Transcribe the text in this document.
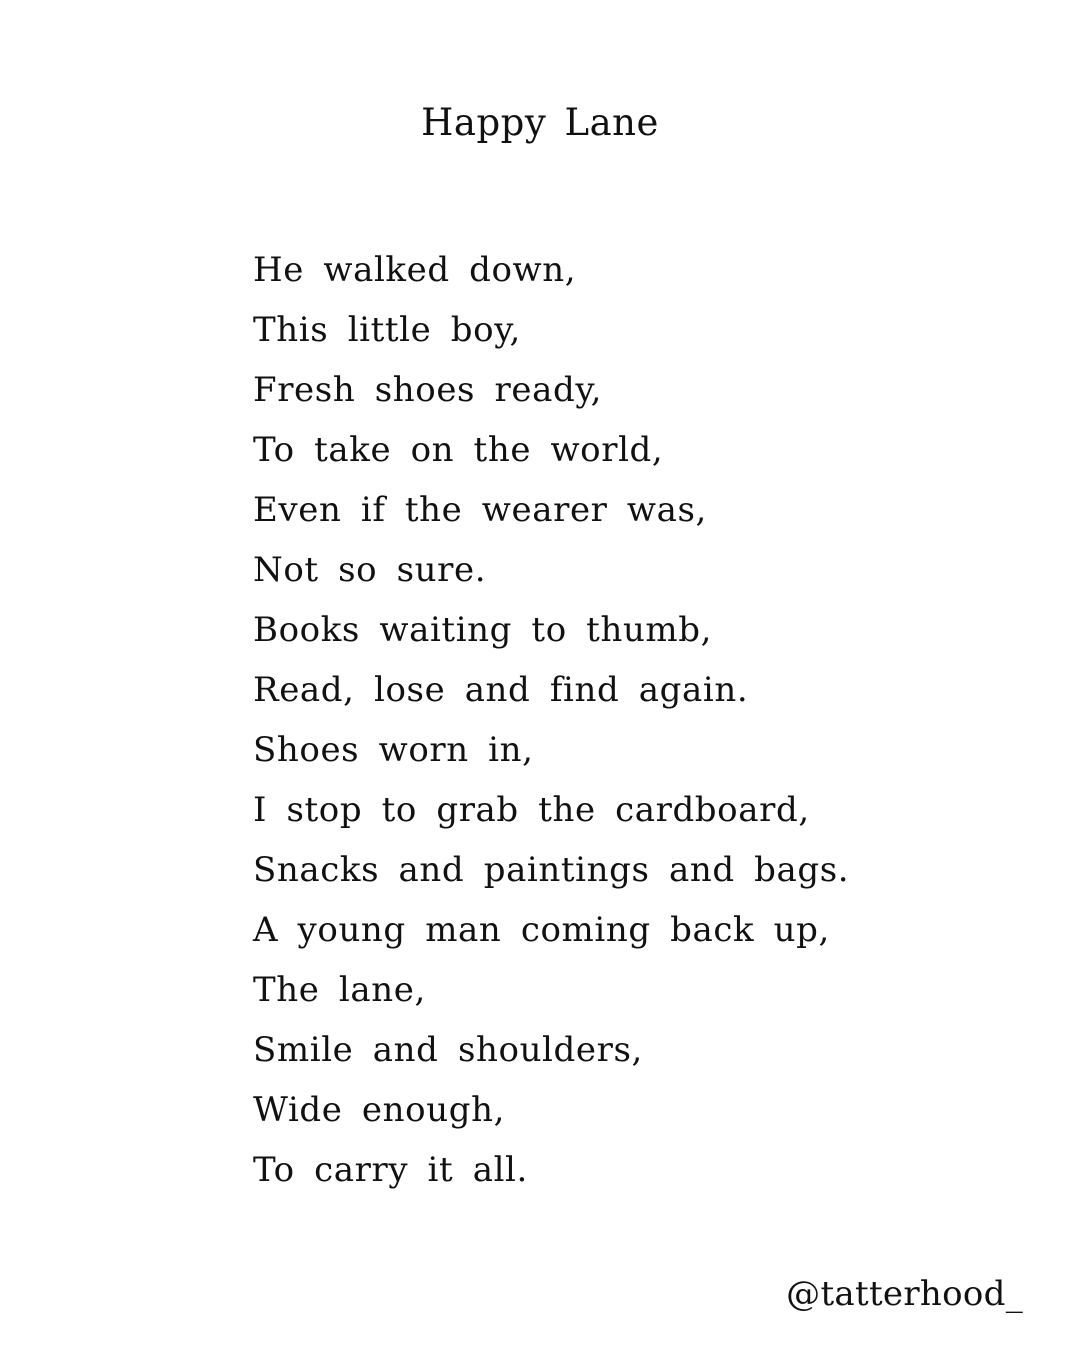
Happy Lane
He walked down,
This little boy,
Fresh shoes ready,
To take on the world,
Even if the wearer was,
Not so sure.
Books waiting to thumb,
Read, lose and find again.
Shoes worn in,
I stop to grab the cardboard,
Snacks and paintings and bags.
A young man coming back up,
The lane,
Smile and shoulders,
Wide enough,
To carry it all.
@tatterhood_
